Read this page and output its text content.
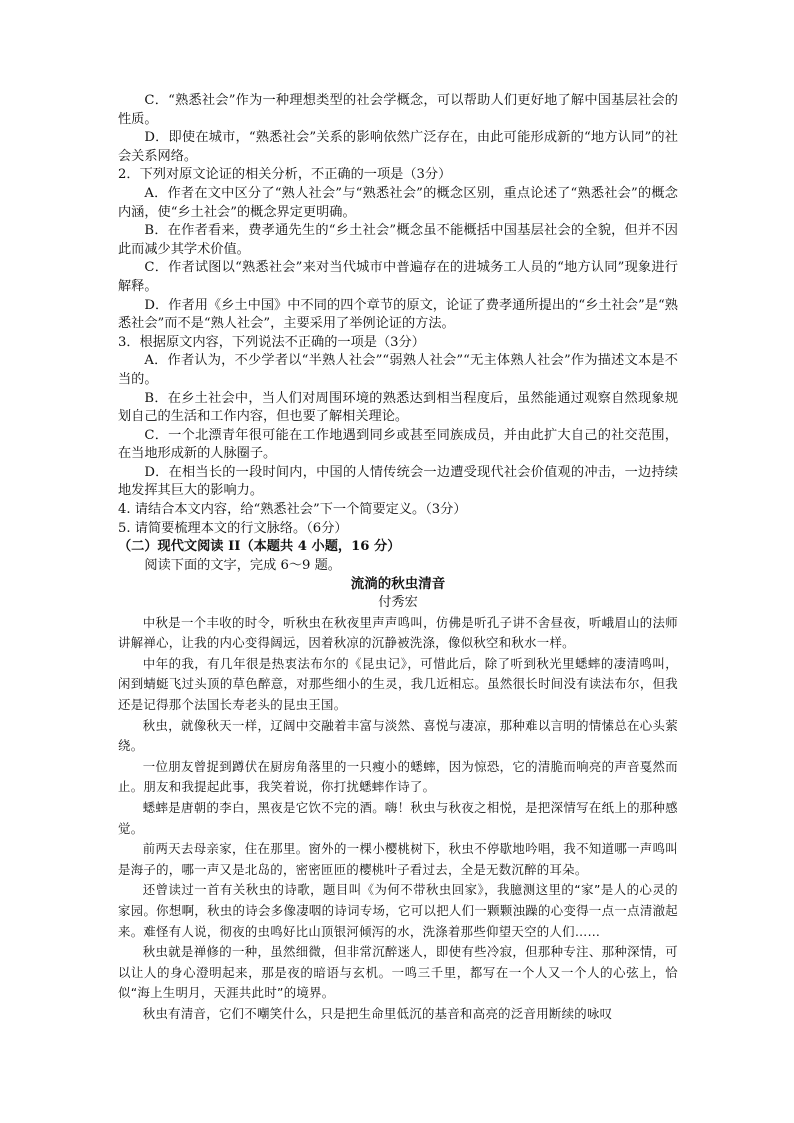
C．“熟悉社会”作为一种理想类型的社会学概念，可以帮助人们更好地了解中国基层社会的性质。

D．即使在城市，“熟悉社会”关系的影响依然广泛存在，由此可能形成新的“地方认同”的社会关系网络。

2．下列对原文论证的相关分析，不正确的一项是（3分）

A．作者在文中区分了“熟人社会”与“熟悉社会”的概念区别，重点论述了“熟悉社会”的概念内涵，使“乡土社会”的概念界定更明确。

B．在作者看来，费孝通先生的“乡土社会”概念虽不能概括中国基层社会的全貌，但并不因此而减少其学术价值。

C．作者试图以“熟悉社会”来对当代城市中普遍存在的进城务工人员的“地方认同”现象进行解释。

D．作者用《乡土中国》中不同的四个章节的原文，论证了费孝通所提出的“乡土社会”是“熟悉社会”而不是“熟人社会”，主要采用了举例论证的方法。

3．根据原文内容，下列说法不正确的一项是（3分）

A．作者认为，不少学者以“半熟人社会”“弱熟人社会”“无主体熟人社会”作为描述文本是不当的。

B．在乡土社会中，当人们对周围环境的熟悉达到相当程度后，虽然能通过观察自然现象规划自己的生活和工作内容，但也要了解相关理论。

C．一个北漂青年很可能在工作地遇到同乡或甚至同族成员，并由此扩大自己的社交范围，在当地形成新的人脉圈子。

D．在相当长的一段时间内，中国的人情传统会一边遭受现代社会价值观的冲击，一边持续地发挥其巨大的影响力。

4. 请结合本文内容，给“熟悉社会”下一个简要定义。（3分）

5. 请简要梳理本文的行文脉络。（6分）

（二）现代文阅读 II（本题共 4 小题，16 分）

阅读下面的文字，完成 6～9 题。

流淌的秋虫清音

付秀宏

中秋是一个丰收的时令，听秋虫在秋夜里声声鸣叫，仿佛是听孔子讲不舍昼夜，听峨眉山的法师讲解禅心，让我的内心变得阔远，因着秋凉的沉静被洗涤，像似秋空和秋水一样。

中年的我，有几年很是热衷法布尔的《昆虫记》，可惜此后，除了听到秋光里蟋蟀的凄清鸣叫，闲到蜻蜓飞过头顶的草色醉意，对那些细小的生灵，我几近相忘。虽然很长时间没有读法布尔，但我还是记得那个法国长寿老头的昆虫王国。

秋虫，就像秋天一样，辽阔中交融着丰富与淡然、喜悦与凄凉，那种难以言明的情愫总在心头萦绕。

一位朋友曾捉到蹲伏在厨房角落里的一只瘦小的蟋蟀，因为惊恐，它的清脆而响亮的声音戛然而止。朋友和我提起此事，我笑着说，你打扰蟋蟀作诗了。

蟋蟀是唐朝的李白，黑夜是它饮不完的酒。嗨！秋虫与秋夜之相悦，是把深情写在纸上的那种感觉。

前两天去母亲家，住在那里。窗外的一棵小樱桃树下，秋虫不停歇地吟唱，我不知道哪一声鸣叫是海子的，哪一声又是北岛的，密密匝匝的樱桃叶子看过去，全是无数沉醉的耳朵。

还曾读过一首有关秋虫的诗歌，题目叫《为何不带秋虫回家》，我臆测这里的“家”是人的心灵的家园。你想啊，秋虫的诗会多像凄咽的诗词专场，它可以把人们一颗颗浊躁的心变得一点一点清澈起来。难怪有人说，彻夜的虫鸣好比山顶银河倾泻的水，洗涤着那些仰望天空的人们……

秋虫就是禅修的一种，虽然细微，但非常沉醉迷人，即使有些冷寂，但那种专注、那种深情，可以让人的身心澄明起来，那是夜的暗语与玄机。一鸣三千里，都写在一个人又一个人的心弦上，恰似“海上生明月，天涯共此时”的境界。

秋虫有清音，它们不嘲笑什么，只是把生命里低沉的基音和高亮的泛音用断续的咏叹
